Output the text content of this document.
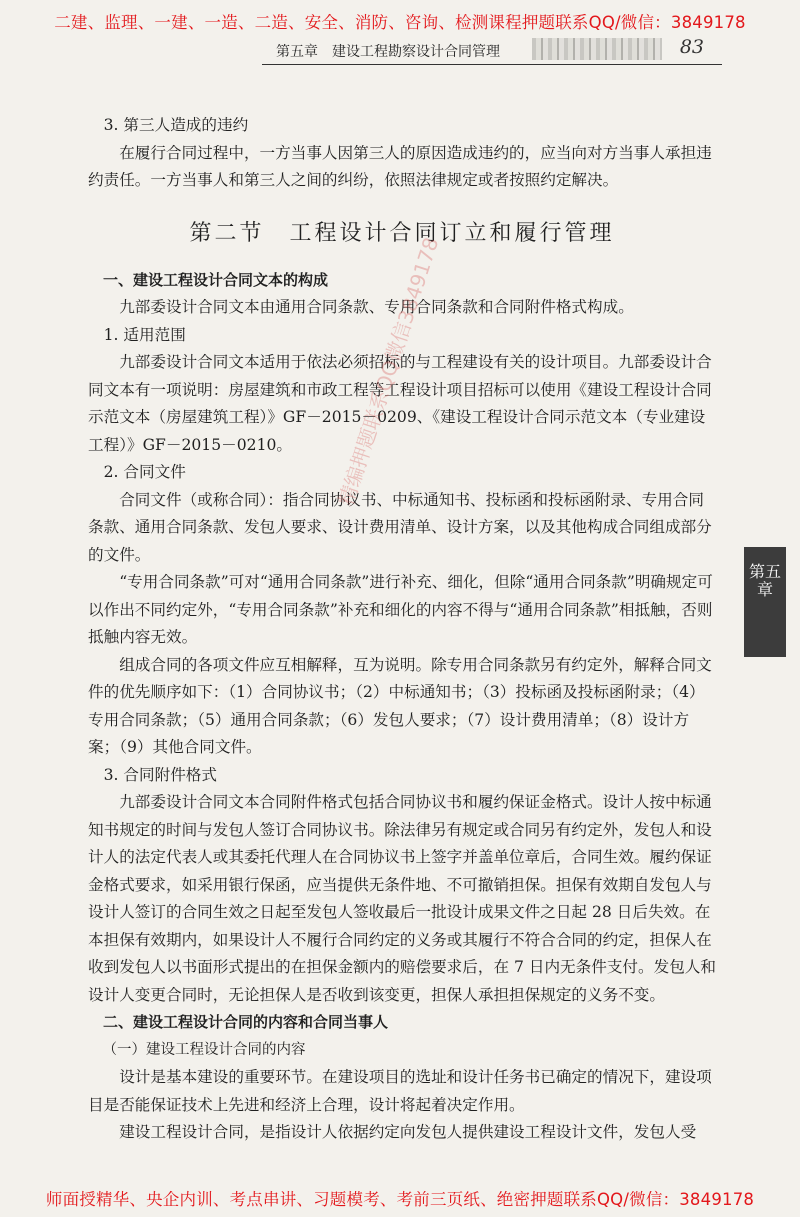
二建、监理、一建、一造、二造、安全、消防、咨询、检测课程押题联系QQ/微信：3849178
第五章　建设工程勘察设计合同管理	83
第五
章

3. 第三人造成的违约

在履行合同过程中，一方当事人因第三人的原因造成违约的，应当向对方当事人承担违约责任。一方当事人和第三人之间的纠纷，依照法律规定或者按照约定解决。

第二节　工程设计合同订立和履行管理

一、建设工程设计合同文本的构成

九部委设计合同文本由通用合同条款、专用合同条款和合同附件格式构成。

1. 适用范围

九部委设计合同文本适用于依法必须招标的与工程建设有关的设计项目。九部委设计合同文本有一项说明：房屋建筑和市政工程等工程设计项目招标可以使用《建设工程设计合同示范文本（房屋建筑工程）》GF－2015－0209、《建设工程设计合同示范文本（专业建设工程）》GF－2015－0210。

2. 合同文件

合同文件（或称合同）：指合同协议书、中标通知书、投标函和投标函附录、专用合同条款、通用合同条款、发包人要求、设计费用清单、设计方案，以及其他构成合同组成部分的文件。

“专用合同条款”可对“通用合同条款”进行补充、细化，但除“通用合同条款”明确规定可以作出不同约定外，“专用合同条款”补充和细化的内容不得与“通用合同条款”相抵触，否则抵触内容无效。

组成合同的各项文件应互相解释，互为说明。除专用合同条款另有约定外，解释合同文件的优先顺序如下：（1）合同协议书；（2）中标通知书；（3）投标函及投标函附录；（4）专用合同条款；（5）通用合同条款；（6）发包人要求；（7）设计费用清单；（8）设计方案；（9）其他合同文件。

3. 合同附件格式

九部委设计合同文本合同附件格式包括合同协议书和履约保证金格式。设计人按中标通知书规定的时间与发包人签订合同协议书。除法律另有规定或合同另有约定外，发包人和设计人的法定代表人或其委托代理人在合同协议书上签字并盖单位章后，合同生效。履约保证金格式要求，如采用银行保函，应当提供无条件地、不可撤销担保。担保有效期自发包人与设计人签订的合同生效之日起至发包人签收最后一批设计成果文件之日起 28 日后失效。在本担保有效期内，如果设计人不履行合同约定的义务或其履行不符合合同的约定，担保人在收到发包人以书面形式提出的在担保金额内的赔偿要求后，在 7 日内无条件支付。发包人和设计人变更合同时，无论担保人是否收到该变更，担保人承担担保规定的义务不变。

二、建设工程设计合同的内容和合同当事人

（一）建设工程设计合同的内容

设计是基本建设的重要环节。在建设项目的选址和设计任务书已确定的情况下，建设项目是否能保证技术上先进和经济上合理，设计将起着决定作用。

建设工程设计合同，是指设计人依据约定向发包人提供建设工程设计文件，发包人受

精编押题联系QQ微信3849178
师面授精华、央企内训、考点串讲、习题模考、考前三页纸、绝密押题联系QQ/微信：3849178
